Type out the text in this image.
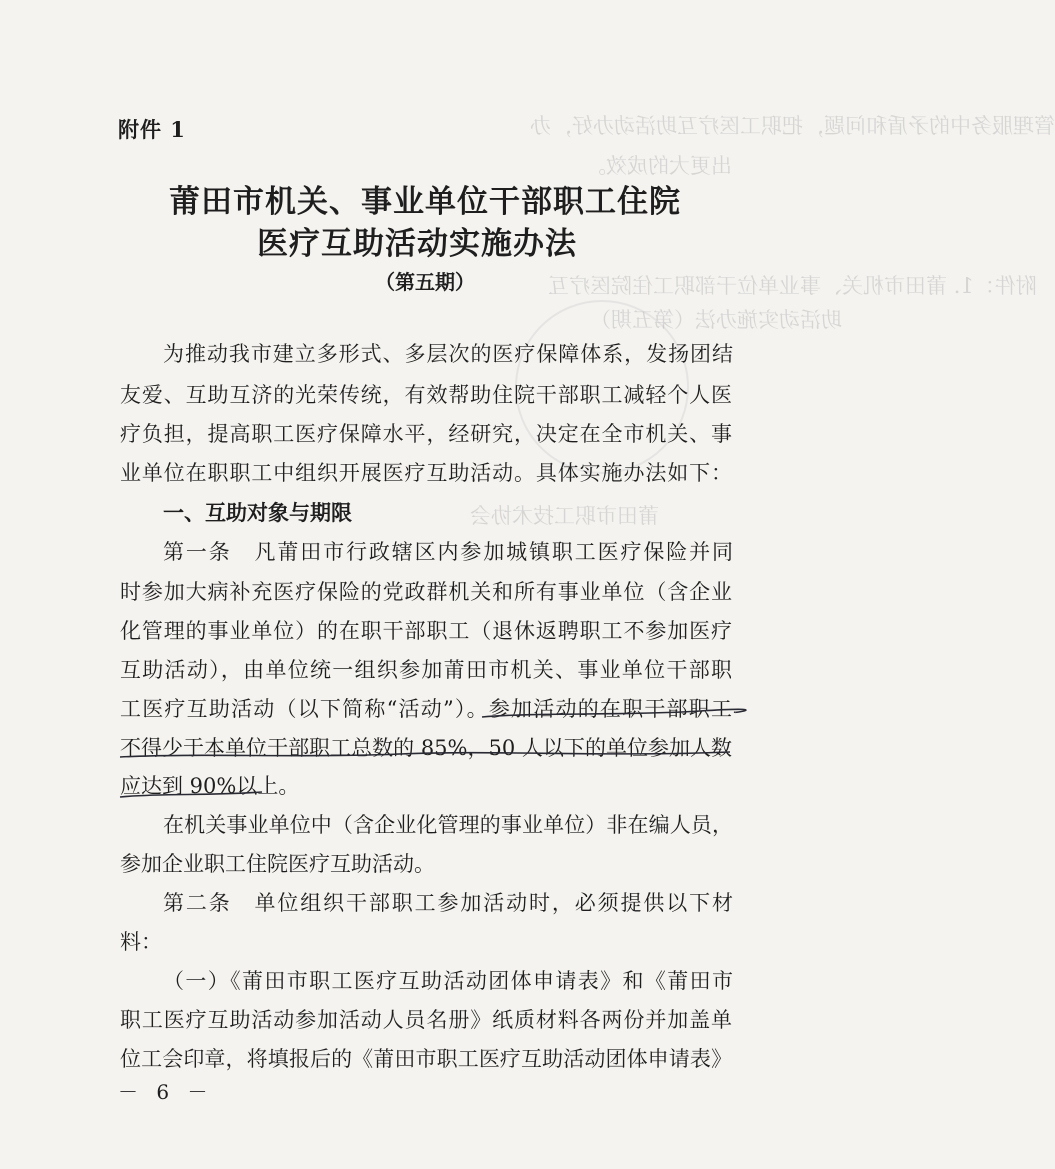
管理服务中的矛盾和问题，把职工医疗互助活动办好，办
出更大的成效。
附件：1. 莆田市机关、事业单位干部职工住院医疗互
助活动实施办法（第五期）
莆田市职工技术协会
附件 1
莆田市机关、事业单位干部职工住院
医疗互助活动实施办法
（第五期）
为推动我市建立多形式、多层次的医疗保障体系，发扬团结
友爱、互助互济的光荣传统，有效帮助住院干部职工减轻个人医
疗负担，提高职工医疗保障水平，经研究，决定在全市机关、事
业单位在职职工中组织开展医疗互助活动。具体实施办法如下：
一、互助对象与期限
第一条　凡莆田市行政辖区内参加城镇职工医疗保险并同
时参加大病补充医疗保险的党政群机关和所有事业单位（含企业
化管理的事业单位）的在职干部职工（退休返聘职工不参加医疗
互助活动），由单位统一组织参加莆田市机关、事业单位干部职
工医疗互助活动（以下简称“活动”）。参加活动的在职干部职工
不得少于本单位干部职工总数的 85%，50 人以下的单位参加人数
应达到 90%以上。
在机关事业单位中（含企业化管理的事业单位）非在编人员，
参加企业职工住院医疗互助活动。
第二条　单位组织干部职工参加活动时，必须提供以下材
料：
（一）《莆田市职工医疗互助活动团体申请表》和《莆田市
职工医疗互助活动参加活动人员名册》纸质材料各两份并加盖单
位工会印章，将填报后的《莆田市职工医疗互助活动团体申请表》
－ 6 －
